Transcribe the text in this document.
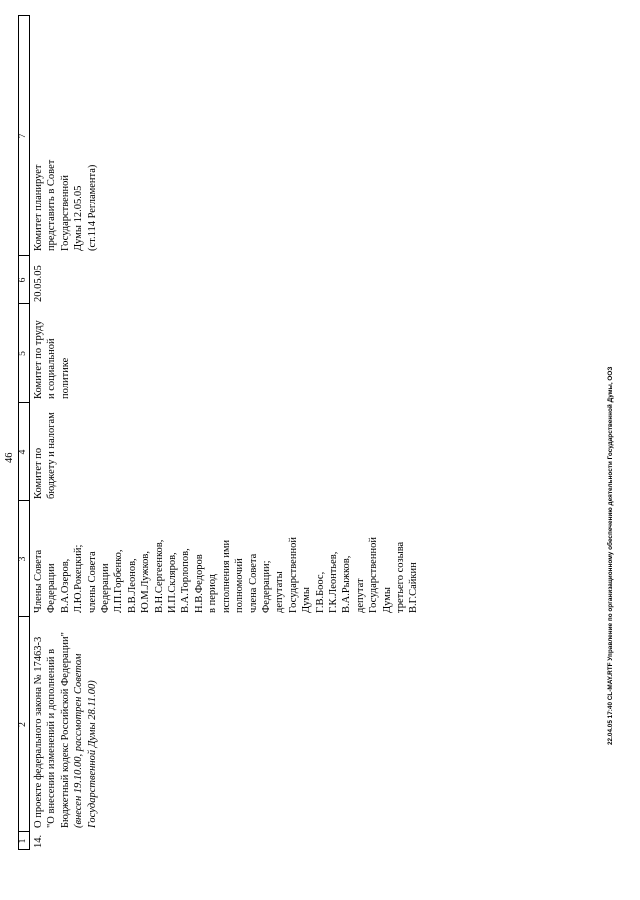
46
1
2
3
4
5
6
7
14.
О проекте федерального закона № 17463-3 "О внесении изменений и дополнений в Бюджетный кодекс Российской Федерации" (внесен 19.10.00, рассмотрен Советом Государственной Думы 28.11.00)
Члены Совета Федерации В.А.Озеров, Л.Ю.Рокецкий; члены Совета Федерации Л.П.Горбенко, В.В.Леонов, Ю.М.Лужков, В.Н.Сергеенков, И.П.Скляров, В.А.Торлопов, Н.В.Федоров в период исполнения ими полномочий члена Совета Федерации; депутаты Государственной Думы Г.В.Боос, Г.К.Леонтьев, В.А.Рыжков, депутат Государственной Думы третьего созыва В.Г.Сайкин
Комитет по бюджету и налогам
Комитет по труду и социальной политике
20.05.05
Комитет планирует представить в Совет Государственной Думы 12.05.05 (ст.114 Регламента)
22.04.05 17:40 CL-MAY.RTF Управление по организационному обеспечению деятельности Государственной Думы, ООЗ
